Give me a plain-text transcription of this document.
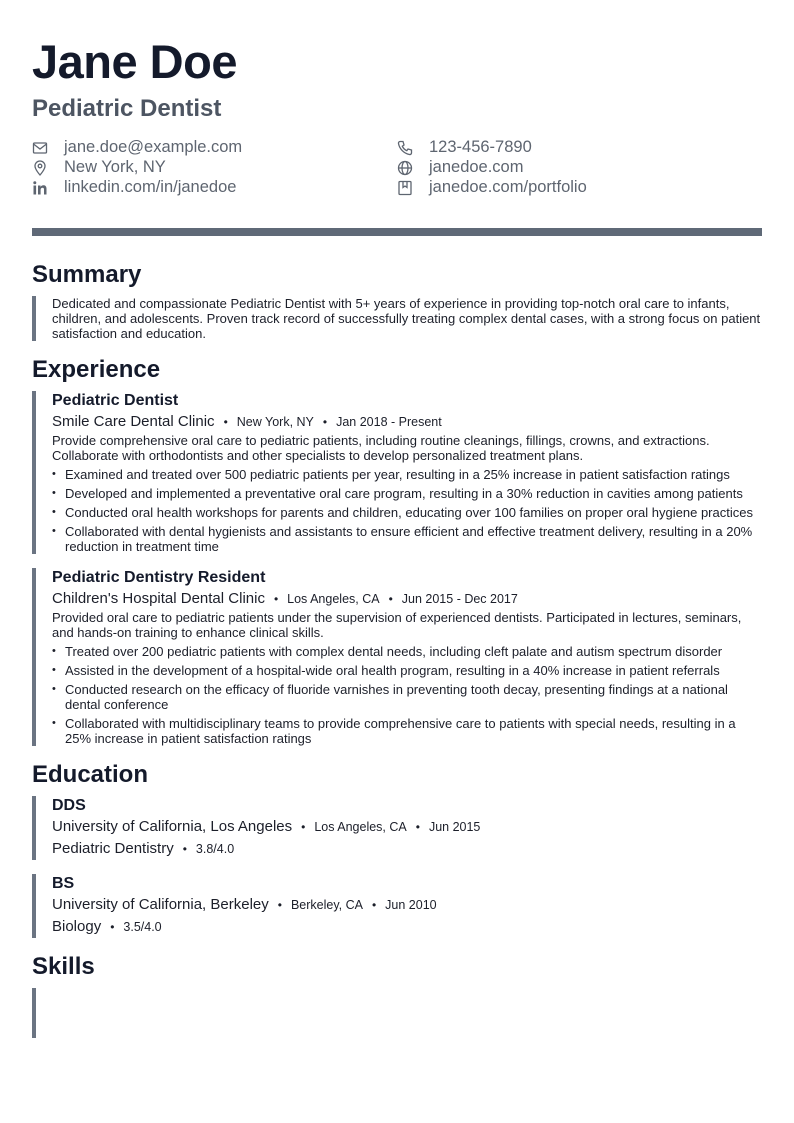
Jane Doe
Pediatric Dentist
jane.doe@example.com	123-456-7890
New York, NY	janedoe.com
linkedin.com/in/janedoe	janedoe.com/portfolio
Summary
Dedicated and compassionate Pediatric Dentist with 5+ years of experience in providing top-notch oral care to infants, children, and adolescents. Proven track record of successfully treating complex dental cases, with a strong focus on patient satisfaction and education.
Experience
Pediatric Dentist
Smile Care Dental Clinic • New York, NY • Jan 2018 - Present
Provide comprehensive oral care to pediatric patients, including routine cleanings, fillings, crowns, and extractions. Collaborate with orthodontists and other specialists to develop personalized treatment plans.
• Examined and treated over 500 pediatric patients per year, resulting in a 25% increase in patient satisfaction ratings
• Developed and implemented a preventative oral care program, resulting in a 30% reduction in cavities among patients
• Conducted oral health workshops for parents and children, educating over 100 families on proper oral hygiene practices
• Collaborated with dental hygienists and assistants to ensure efficient and effective treatment delivery, resulting in a 20% reduction in treatment time
Pediatric Dentistry Resident
Children's Hospital Dental Clinic • Los Angeles, CA • Jun 2015 - Dec 2017
Provided oral care to pediatric patients under the supervision of experienced dentists. Participated in lectures, seminars, and hands-on training to enhance clinical skills.
• Treated over 200 pediatric patients with complex dental needs, including cleft palate and autism spectrum disorder
• Assisted in the development of a hospital-wide oral health program, resulting in a 40% increase in patient referrals
• Conducted research on the efficacy of fluoride varnishes in preventing tooth decay, presenting findings at a national dental conference
• Collaborated with multidisciplinary teams to provide comprehensive care to patients with special needs, resulting in a 25% increase in patient satisfaction ratings
Education
DDS
University of California, Los Angeles • Los Angeles, CA • Jun 2015
Pediatric Dentistry • 3.8/4.0
BS
University of California, Berkeley • Berkeley, CA • Jun 2010
Biology • 3.5/4.0
Skills
